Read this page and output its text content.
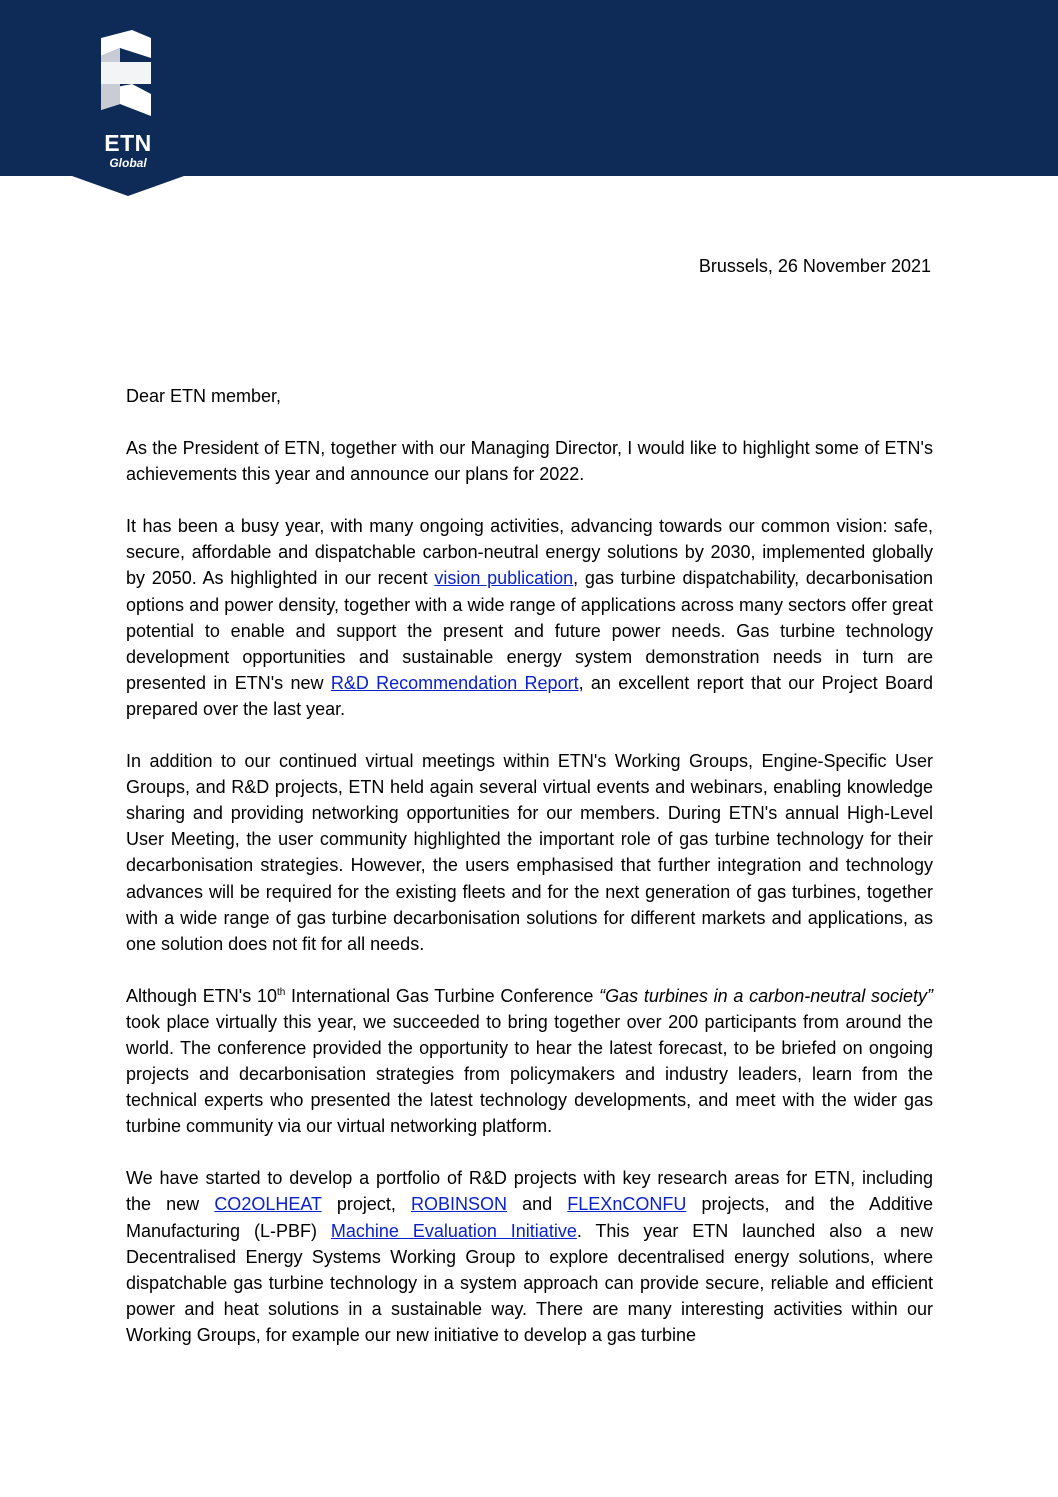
ETN
Global
Brussels, 26 November 2021

Dear ETN member,

As the President of ETN, together with our Managing Director, I would like to highlight some of ETN's achievements this year and announce our plans for 2022.

It has been a busy year, with many ongoing activities, advancing towards our common vision: safe, secure, affordable and dispatchable carbon-neutral energy solutions by 2030, implemented globally by 2050. As highlighted in our recent vision publication, gas turbine dispatchability, decarbonisation options and power density, together with a wide range of applications across many sectors offer great potential to enable and support the present and future power needs. Gas turbine technology development opportunities and sustainable energy system demonstration needs in turn are presented in ETN's new R&D Recommendation Report, an excellent report that our Project Board prepared over the last year.

In addition to our continued virtual meetings within ETN's Working Groups, Engine-Specific User Groups, and R&D projects, ETN held again several virtual events and webinars, enabling knowledge sharing and providing networking opportunities for our members. During ETN's annual High-Level User Meeting, the user community highlighted the important role of gas turbine technology for their decarbonisation strategies. However, the users emphasised that further integration and technology advances will be required for the existing fleets and for the next generation of gas turbines, together with a wide range of gas turbine decarbonisation solutions for different markets and applications, as one solution does not fit for all needs.

Although ETN's 10th International Gas Turbine Conference “Gas turbines in a carbon-neutral society” took place virtually this year, we succeeded to bring together over 200 participants from around the world. The conference provided the opportunity to hear the latest forecast, to be briefed on ongoing projects and decarbonisation strategies from policymakers and industry leaders, learn from the technical experts who presented the latest technology developments, and meet with the wider gas turbine community via our virtual networking platform.

We have started to develop a portfolio of R&D projects with key research areas for ETN, including the new CO2OLHEAT project, ROBINSON and FLEXnCONFU projects, and the Additive Manufacturing (L-PBF) Machine Evaluation Initiative. This year ETN launched also a new Decentralised Energy Systems Working Group to explore decentralised energy solutions, where dispatchable gas turbine technology in a system approach can provide secure, reliable and efficient power and heat solutions in a sustainable way. There are many interesting activities within our Working Groups, for example our new initiative to develop a gas turbine
